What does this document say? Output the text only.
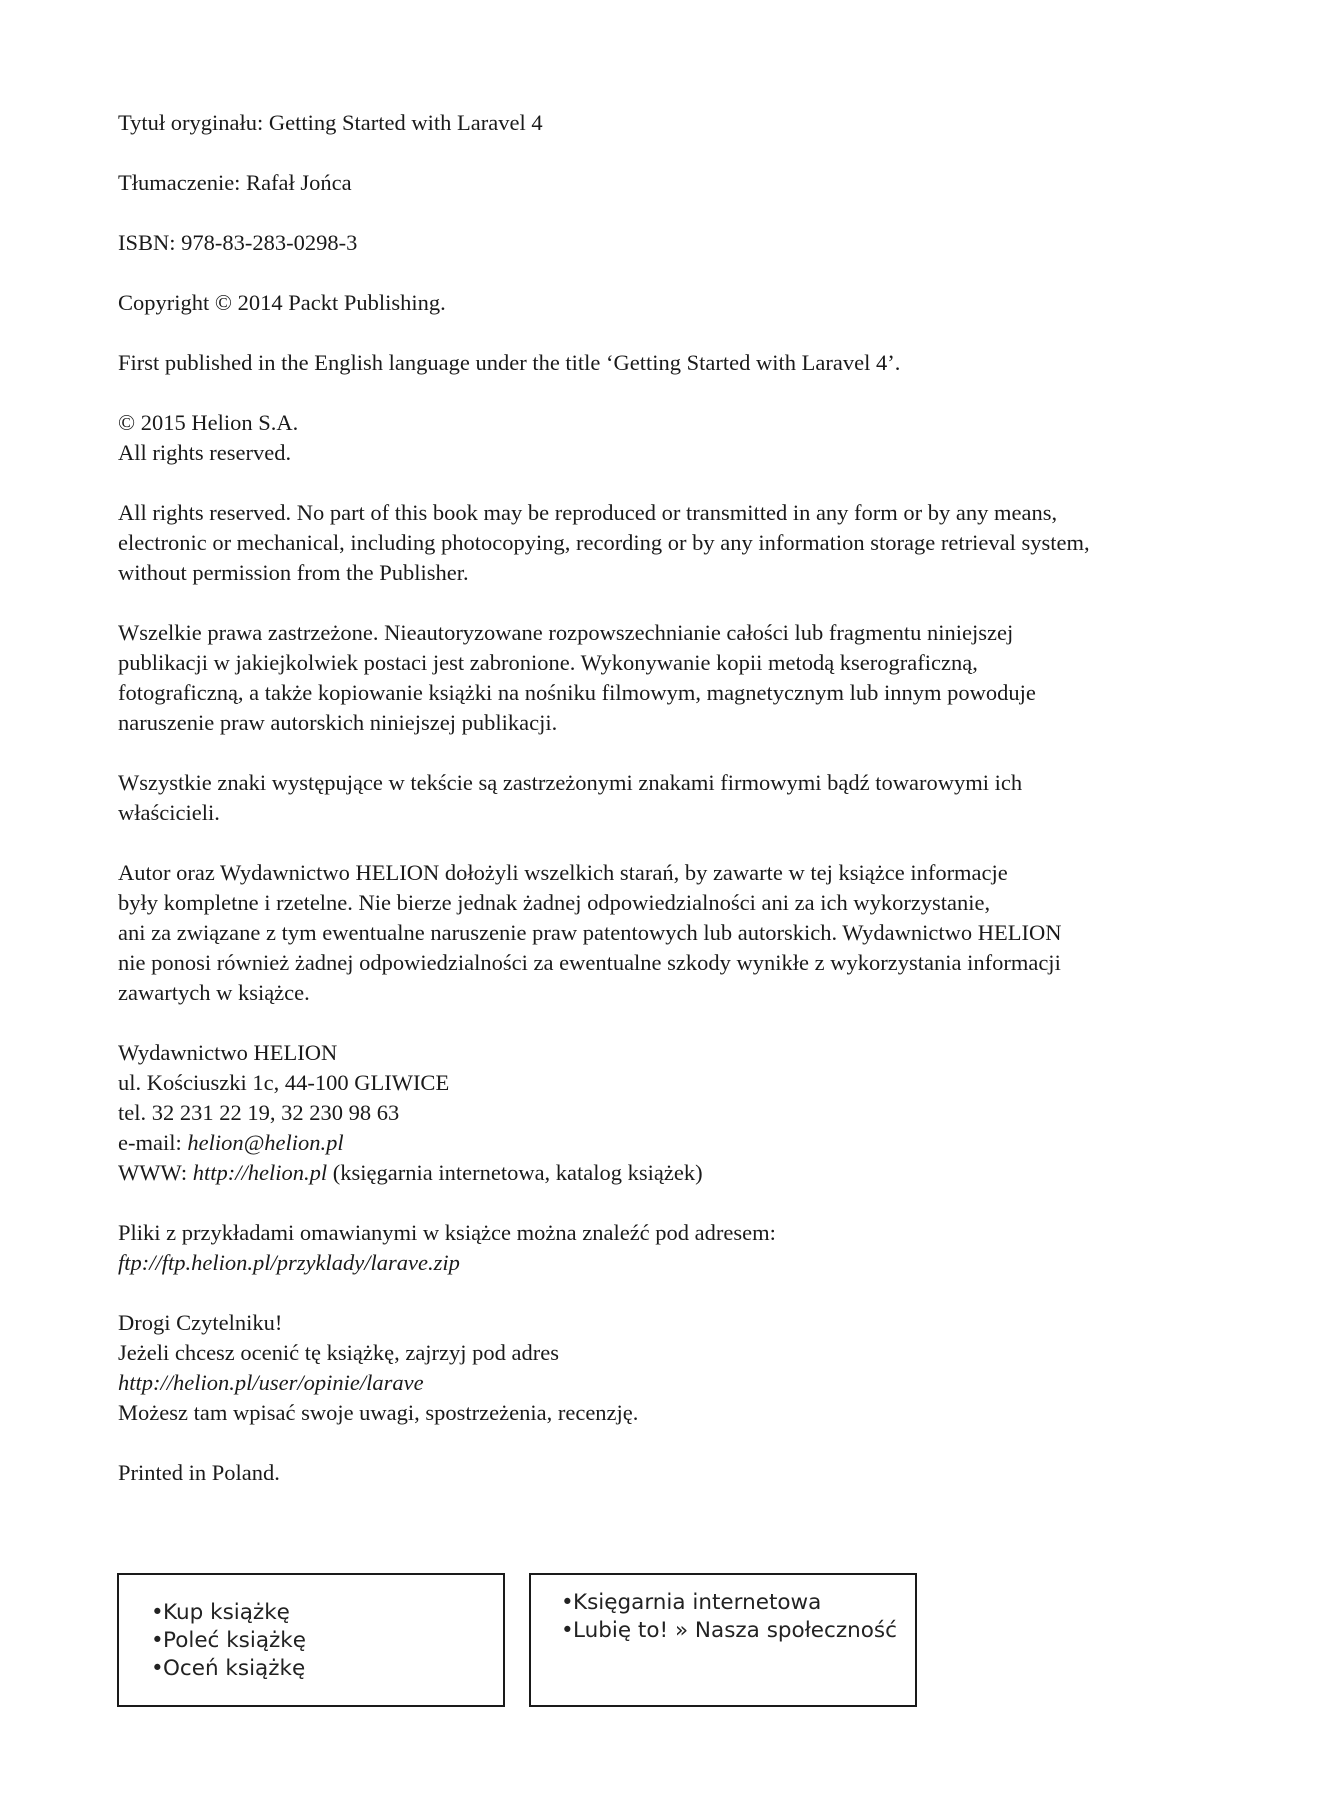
Tytuł oryginału: Getting Started with Laravel 4

Tłumaczenie: Rafał Jońca

ISBN: 978-83-283-0298-3

Copyright © 2014 Packt Publishing.

First published in the English language under the title ‘Getting Started with Laravel 4’.

© 2015 Helion S.A.
All rights reserved.

All rights reserved. No part of this book may be reproduced or transmitted in any form or by any means,
electronic or mechanical, including photocopying, recording or by any information storage retrieval system,
without permission from the Publisher.

Wszelkie prawa zastrzeżone. Nieautoryzowane rozpowszechnianie całości lub fragmentu niniejszej
publikacji w jakiejkolwiek postaci jest zabronione. Wykonywanie kopii metodą kserograficzną,
fotograficzną, a także kopiowanie książki na nośniku filmowym, magnetycznym lub innym powoduje
naruszenie praw autorskich niniejszej publikacji.

Wszystkie znaki występujące w tekście są zastrzeżonymi znakami firmowymi bądź towarowymi ich
właścicieli.

Autor oraz Wydawnictwo HELION dołożyli wszelkich starań, by zawarte w tej książce informacje
były kompletne i rzetelne. Nie bierze jednak żadnej odpowiedzialności ani za ich wykorzystanie,
ani za związane z tym ewentualne naruszenie praw patentowych lub autorskich. Wydawnictwo HELION
nie ponosi również żadnej odpowiedzialności za ewentualne szkody wynikłe z wykorzystania informacji
zawartych w książce.

Wydawnictwo HELION
ul. Kościuszki 1c, 44-100 GLIWICE
tel. 32 231 22 19, 32 230 98 63
e-mail: helion@helion.pl
WWW: http://helion.pl (księgarnia internetowa, katalog książek)

Pliki z przykładami omawianymi w książce można znaleźć pod adresem:
ftp://ftp.helion.pl/przyklady/larave.zip

Drogi Czytelniku!
Jeżeli chcesz ocenić tę książkę, zajrzyj pod adres
http://helion.pl/user/opinie/larave
Możesz tam wpisać swoje uwagi, spostrzeżenia, recenzję.

Printed in Poland.

•Kup książkę
•Poleć książkę
•Oceń książkę
•Księgarnia internetowa
•Lubię to! » Nasza społeczność
